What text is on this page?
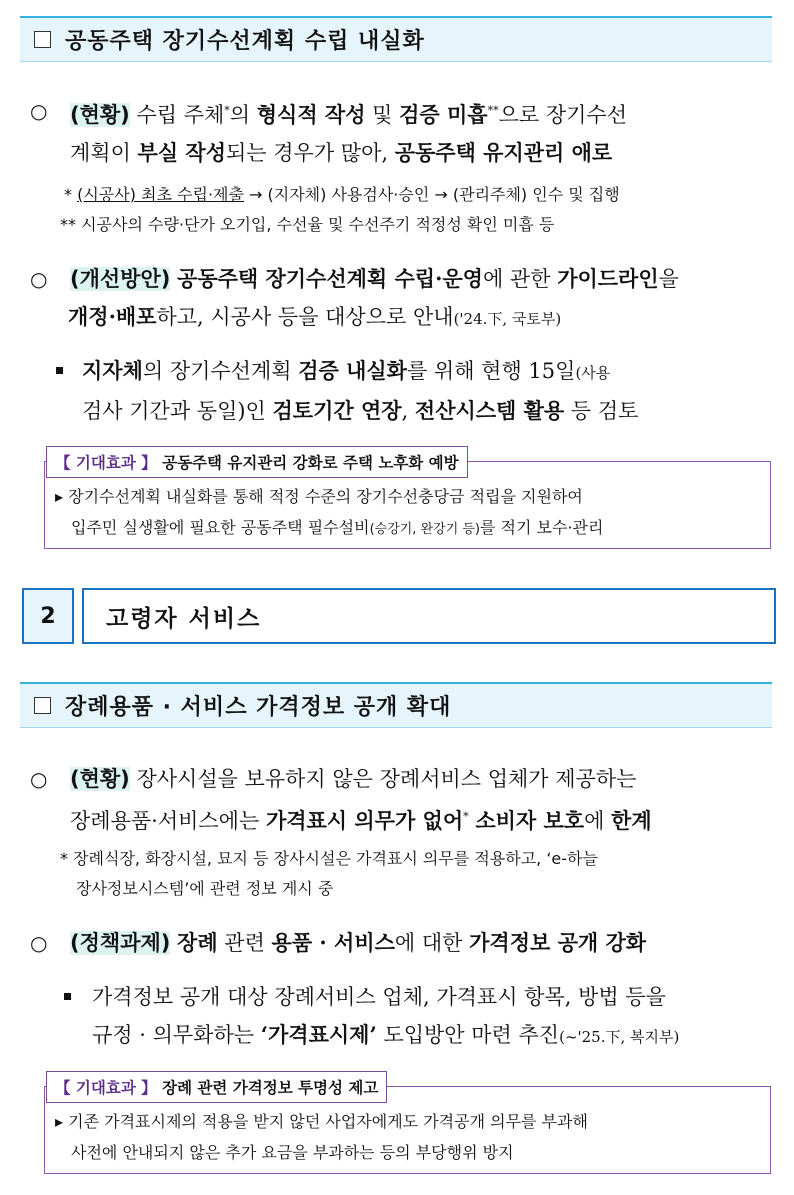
공동주택 장기수선계획 수립 내실화
○	(현황) 수립 주체*의 형식적 작성 및 검증 미흡**으로 장기수선
계획이 부실 작성되는 경우가 많아, 공동주택 유지관리 애로
* (시공사) 최초 수립·제출 → (지자체) 사용검사·승인 → (관리주체) 인수 및 집행
** 시공사의 수량·단가 오기입, 수선율 및 수선주기 적정성 확인 미흡 등
○	(개선방안) 공동주택 장기수선계획 수립·운영에 관한 가이드라인을
개정·배포하고, 시공사 등을 대상으로 안내('24.下, 국토부)
지자체의 장기수선계획 검증 내실화를 위해 현행 15일(사용
검사 기간과 동일)인 검토기간 연장, 전산시스템 활용 등 검토
【 기대효과 】
공동주택 유지관리 강화로 주택 노후화 예방
▸ 장기수선계획 내실화를 통해 적정 수준의 장기수선충당금 적립을 지원하여
입주민 실생활에 필요한 공동주택 필수설비(승강기, 완강기 등)를 적기 보수·관리
2	고령자 서비스
장례용품 · 서비스 가격정보 공개 확대
○	(현황) 장사시설을 보유하지 않은 장례서비스 업체가 제공하는
장례용품·서비스에는 가격표시 의무가 없어* 소비자 보호에 한계
* 장례식장, 화장시설, 묘지 등 장사시설은 가격표시 의무를 적용하고, ‘e-하늘
장사정보시스템’에 관련 정보 게시 중
○	(정책과제) 장례 관련 용품 · 서비스에 대한 가격정보 공개 강화
가격정보 공개 대상 장례서비스 업체, 가격표시 항목, 방법 등을
규정 · 의무화하는 ‘가격표시제’ 도입방안 마련 추진(~'25.下, 복지부)
【 기대효과 】
장례 관련 가격정보 투명성 제고
▸ 기존 가격표시제의 적용을 받지 않던 사업자에게도 가격공개 의무를 부과해
사전에 안내되지 않은 추가 요금을 부과하는 등의 부당행위 방지
